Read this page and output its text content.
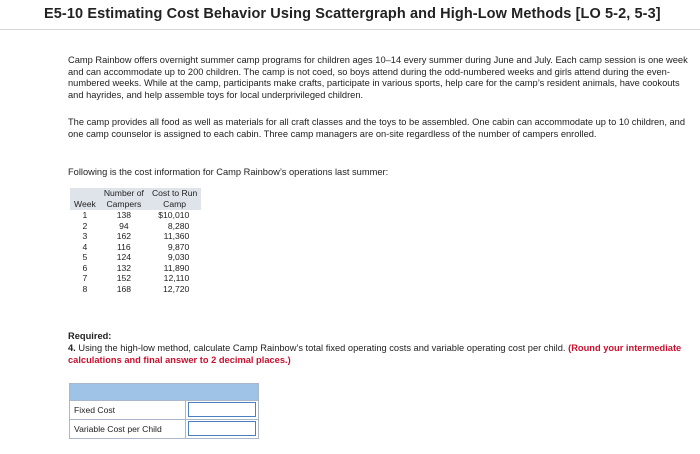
E5-10 Estimating Cost Behavior Using Scattergraph and High-Low Methods [LO 5-2, 5-3]
Camp Rainbow offers overnight summer camp programs for children ages 10–14 every summer during June and July. Each camp session is one week and can accommodate up to 200 children. The camp is not coed, so boys attend during the odd-numbered weeks and girls attend during the even-numbered weeks. While at the camp, participants make crafts, participate in various sports, help care for the camp’s resident animals, have cookouts and hayrides, and help assemble toys for local underprivileged children.
The camp provides all food as well as materials for all craft classes and the toys to be assembled. One cabin can accommodate up to 10 children, and one camp counselor is assigned to each cabin. Three camp managers are on-site regardless of the number of campers enrolled.
Following is the cost information for Camp Rainbow’s operations last summer:
	Number of	Cost to Run
Week	Campers	Camp
1	138	$10,010
2	94	8,280
3	162	11,360
4	116	9,870
5	124	9,030
6	132	11,890
7	152	12,110
8	168	12,720
Required:
4. Using the high-low method, calculate Camp Rainbow’s total fixed operating costs and variable operating cost per child. (Round your intermediate calculations and final answer to 2 decimal places.)
Fixed Cost
Variable Cost per Child
